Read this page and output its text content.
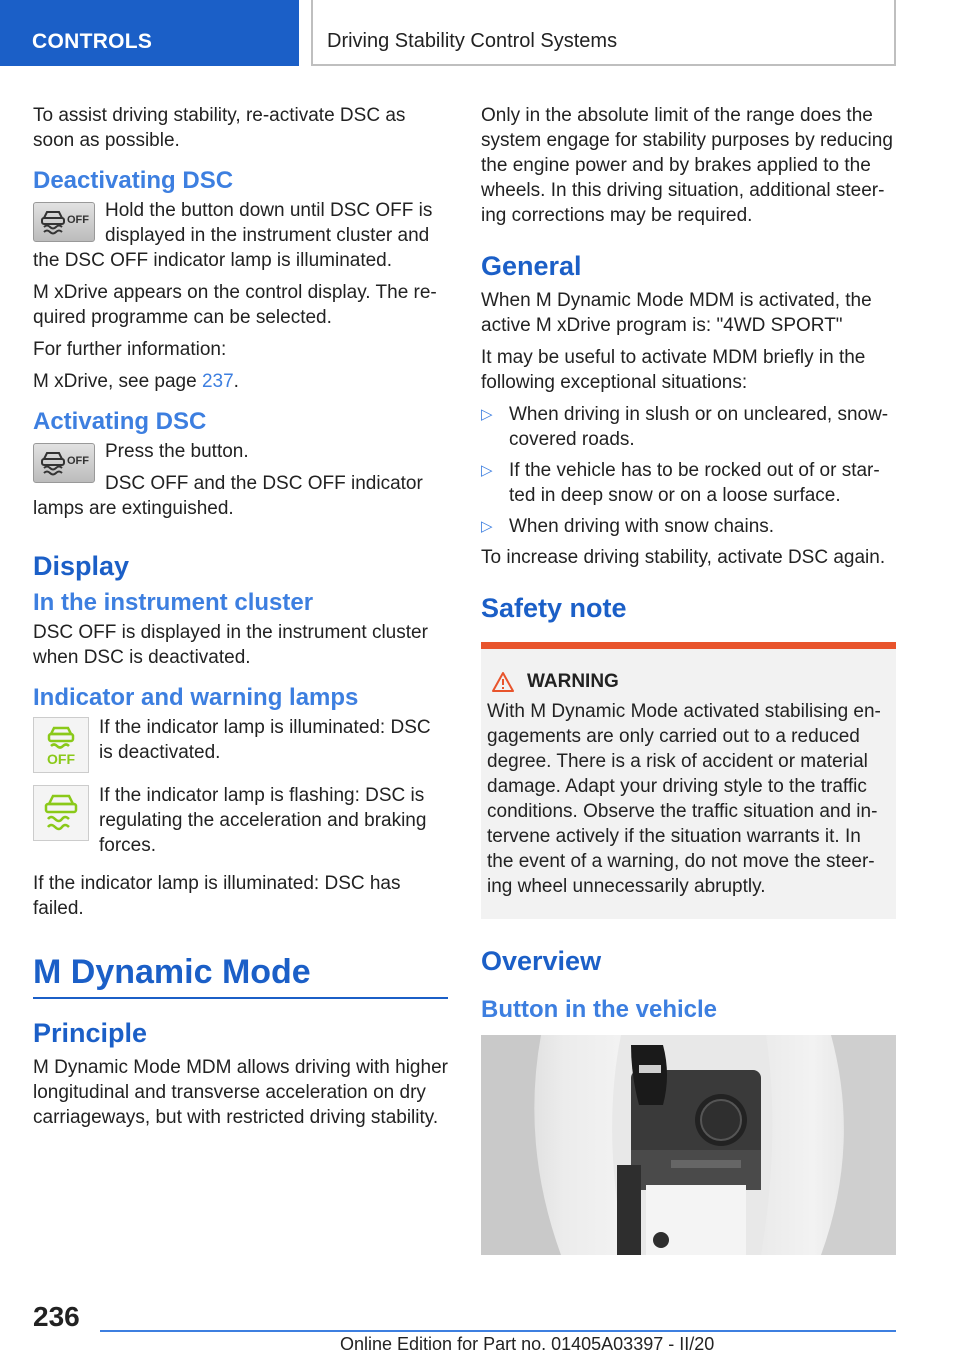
CONTROLS	Driving Stability Control Systems

To assist driving stability, re-activate DSC as soon as possible.

Deactivating DSC
OFF Hold the button down until DSC OFF is displayed in the instrument cluster and the DSC OFF indicator lamp is illuminated.

M xDrive appears on the control display. The re-quired programme can be selected.

For further information:

M xDrive, see page 237.

Activating DSC
OFF Press the button.

DSC OFF and the DSC OFF indicator lamps are extinguished.

Display
In the instrument cluster

DSC OFF is displayed in the instrument cluster when DSC is deactivated.

Indicator and warning lamps
OFF

If the indicator lamp is illuminated: DSC is deactivated.

If the indicator lamp is flashing: DSC is regulating the acceleration and braking forces.

If the indicator lamp is illuminated: DSC has failed.

M Dynamic Mode
Principle

M Dynamic Mode MDM allows driving with higher longitudinal and transverse acceleration on dry carriageways, but with restricted driving stability.

Only in the absolute limit of the range does the system engage for stability purposes by reducing the engine power and by brakes applied to the wheels. In this driving situation, additional steer-ing corrections may be required.

General

When M Dynamic Mode MDM is activated, the active M xDrive program is: "4WD SPORT"

It may be useful to activate MDM briefly in the following exceptional situations:

▷ When driving in slush or on uncleared, snow-covered roads.
▷ If the vehicle has to be rocked out of or star-ted in deep snow or on a loose surface.
▷ When driving with snow chains.

To increase driving stability, activate DSC again.

Safety note
WARNING

With M Dynamic Mode activated stabilising en-gagements are only carried out to a reduced degree. There is a risk of accident or material damage. Adapt your driving style to the traffic conditions. Observe the traffic situation and in-tervene actively if the situation warrants it. In the event of a warning, do not move the steer-ing wheel unnecessarily abruptly.

Overview
Button in the vehicle
236
Online Edition for Part no. 01405A03397 - II/20
